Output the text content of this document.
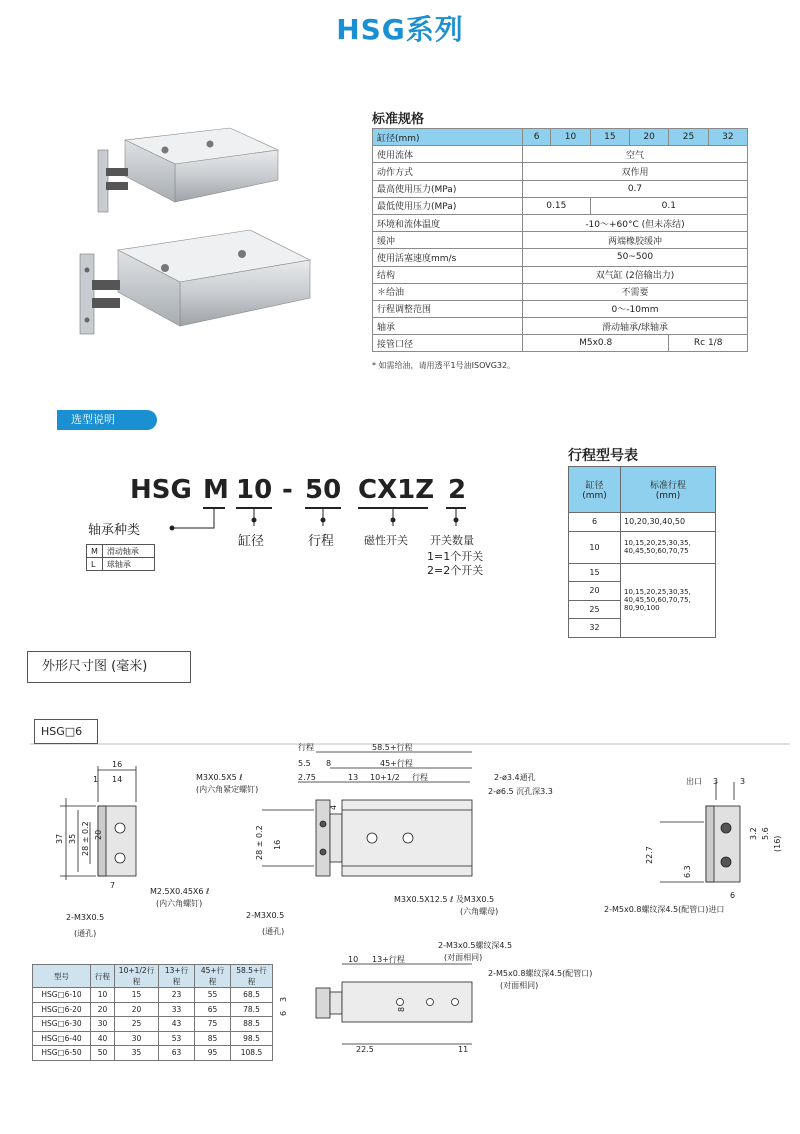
HSG系列
标准规格
缸径(mm)	6	10	15	20	25	32
使用流体	空气					
动作方式	双作用					
最高使用压力(MPa)	0.7					
最低使用压力(MPa)	0.15		0.1			
环境和流体温度	-10～+60°C (但未冻结)					
缓冲	两端橡胶缓冲					
使用活塞速度mm/s	50~500					
结构	双气缸 (2倍输出力)					
＊给油	不需要					
行程调整范围	0～-10mm					
轴承	滑动轴承/球轴承					
接管口径	M5x0.8				Rc 1/8	
* 如需给油，请用透平1号油ISOVG32。
选型说明
HSG M 10 - 50 CX1Z 2
轴承种类
缸径	行程	磁性开关 开关数量
1=1个开关
2=2个开关
M	滑动轴承
L	球轴承
行程型号表
缸径
(mm)	标准行程
(mm)
6	10,20,30,40,50
10	10,15,20,25,30,35,
40,45,50,60,70,75
15	10,15,20,25,30,35,
40,45,50,60,70,75,
80,90,100
20	
25	
32	
外形尺寸图 (毫米)
16
1 14
37 35 28 ± 0.2 20
7
M2.5X0.45X6 ℓ
(内六角螺钉)
2-M3X0.5
(通孔)
行程	58.5+行程
5.5 8	45+行程
2.75	13 10+1/2 行程	2-ø3.4通孔
2-ø6.5 沉孔深3.3
M3X0.5X5 ℓ
(内六角紧定螺钉)
28 ± 0.2 16
4
M3X0.5X12.5 ℓ 及M3X0.5
(六角螺母)
2-M3X0.5
(通孔)
出口 3	3
3.2 5.6
(16)
22.7
6.3
6
2-M5x0.8螺纹深4.5(配管口)进口
10 13+行程
2-M3x0.5螺纹深4.5
(对面相同)
2-M5x0.8螺纹深4.5(配管口)
(对面相同)
3
6
8
22.5	11
HSG□6
型号	行程	10+1/2行程	13+行程	45+行程	58.5+行程
HSG□6-10	10	15	23	55	68.5
HSG□6-20	20	20	33	65	78.5
HSG□6-30	30	25	43	75	88.5
HSG□6-40	40	30	53	85	98.5
HSG□6-50	50	35	63	95	108.5
